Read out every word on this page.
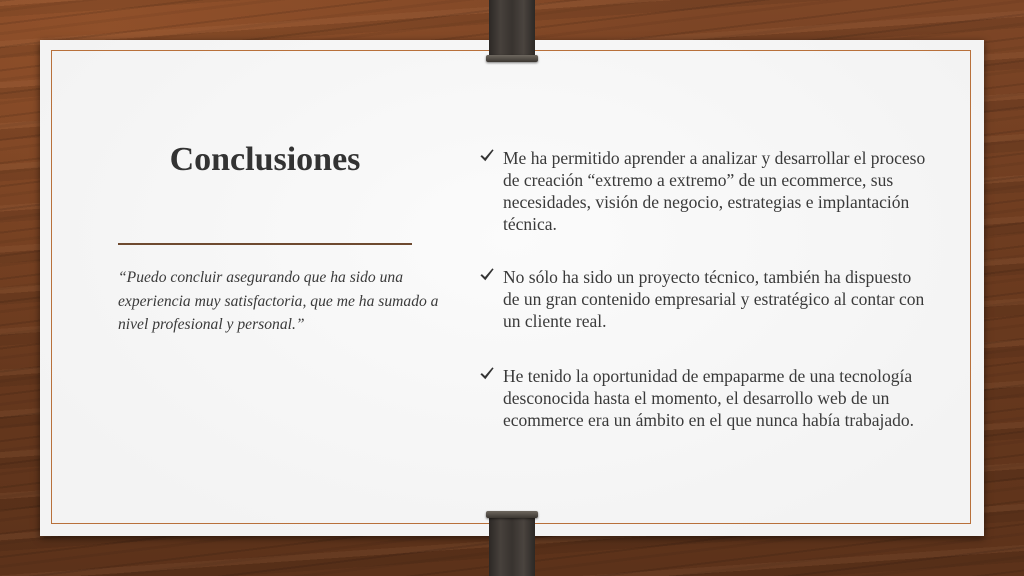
Conclusiones
“Puedo concluir asegurando que ha sido una
experiencia muy satisfactoria, que me ha sumado a
nivel profesional y personal.”
Me ha permitido aprender a analizar y desarrollar el proceso
de creación “extremo a extremo” de un ecommerce, sus
necesidades, visión de negocio, estrategias e implantación
técnica.
No sólo ha sido un proyecto técnico, también ha dispuesto
de un gran contenido empresarial y estratégico al contar con
un cliente real.
He tenido la oportunidad de empaparme de una tecnología
desconocida hasta el momento, el desarrollo web de un
ecommerce era un ámbito en el que nunca había trabajado.
